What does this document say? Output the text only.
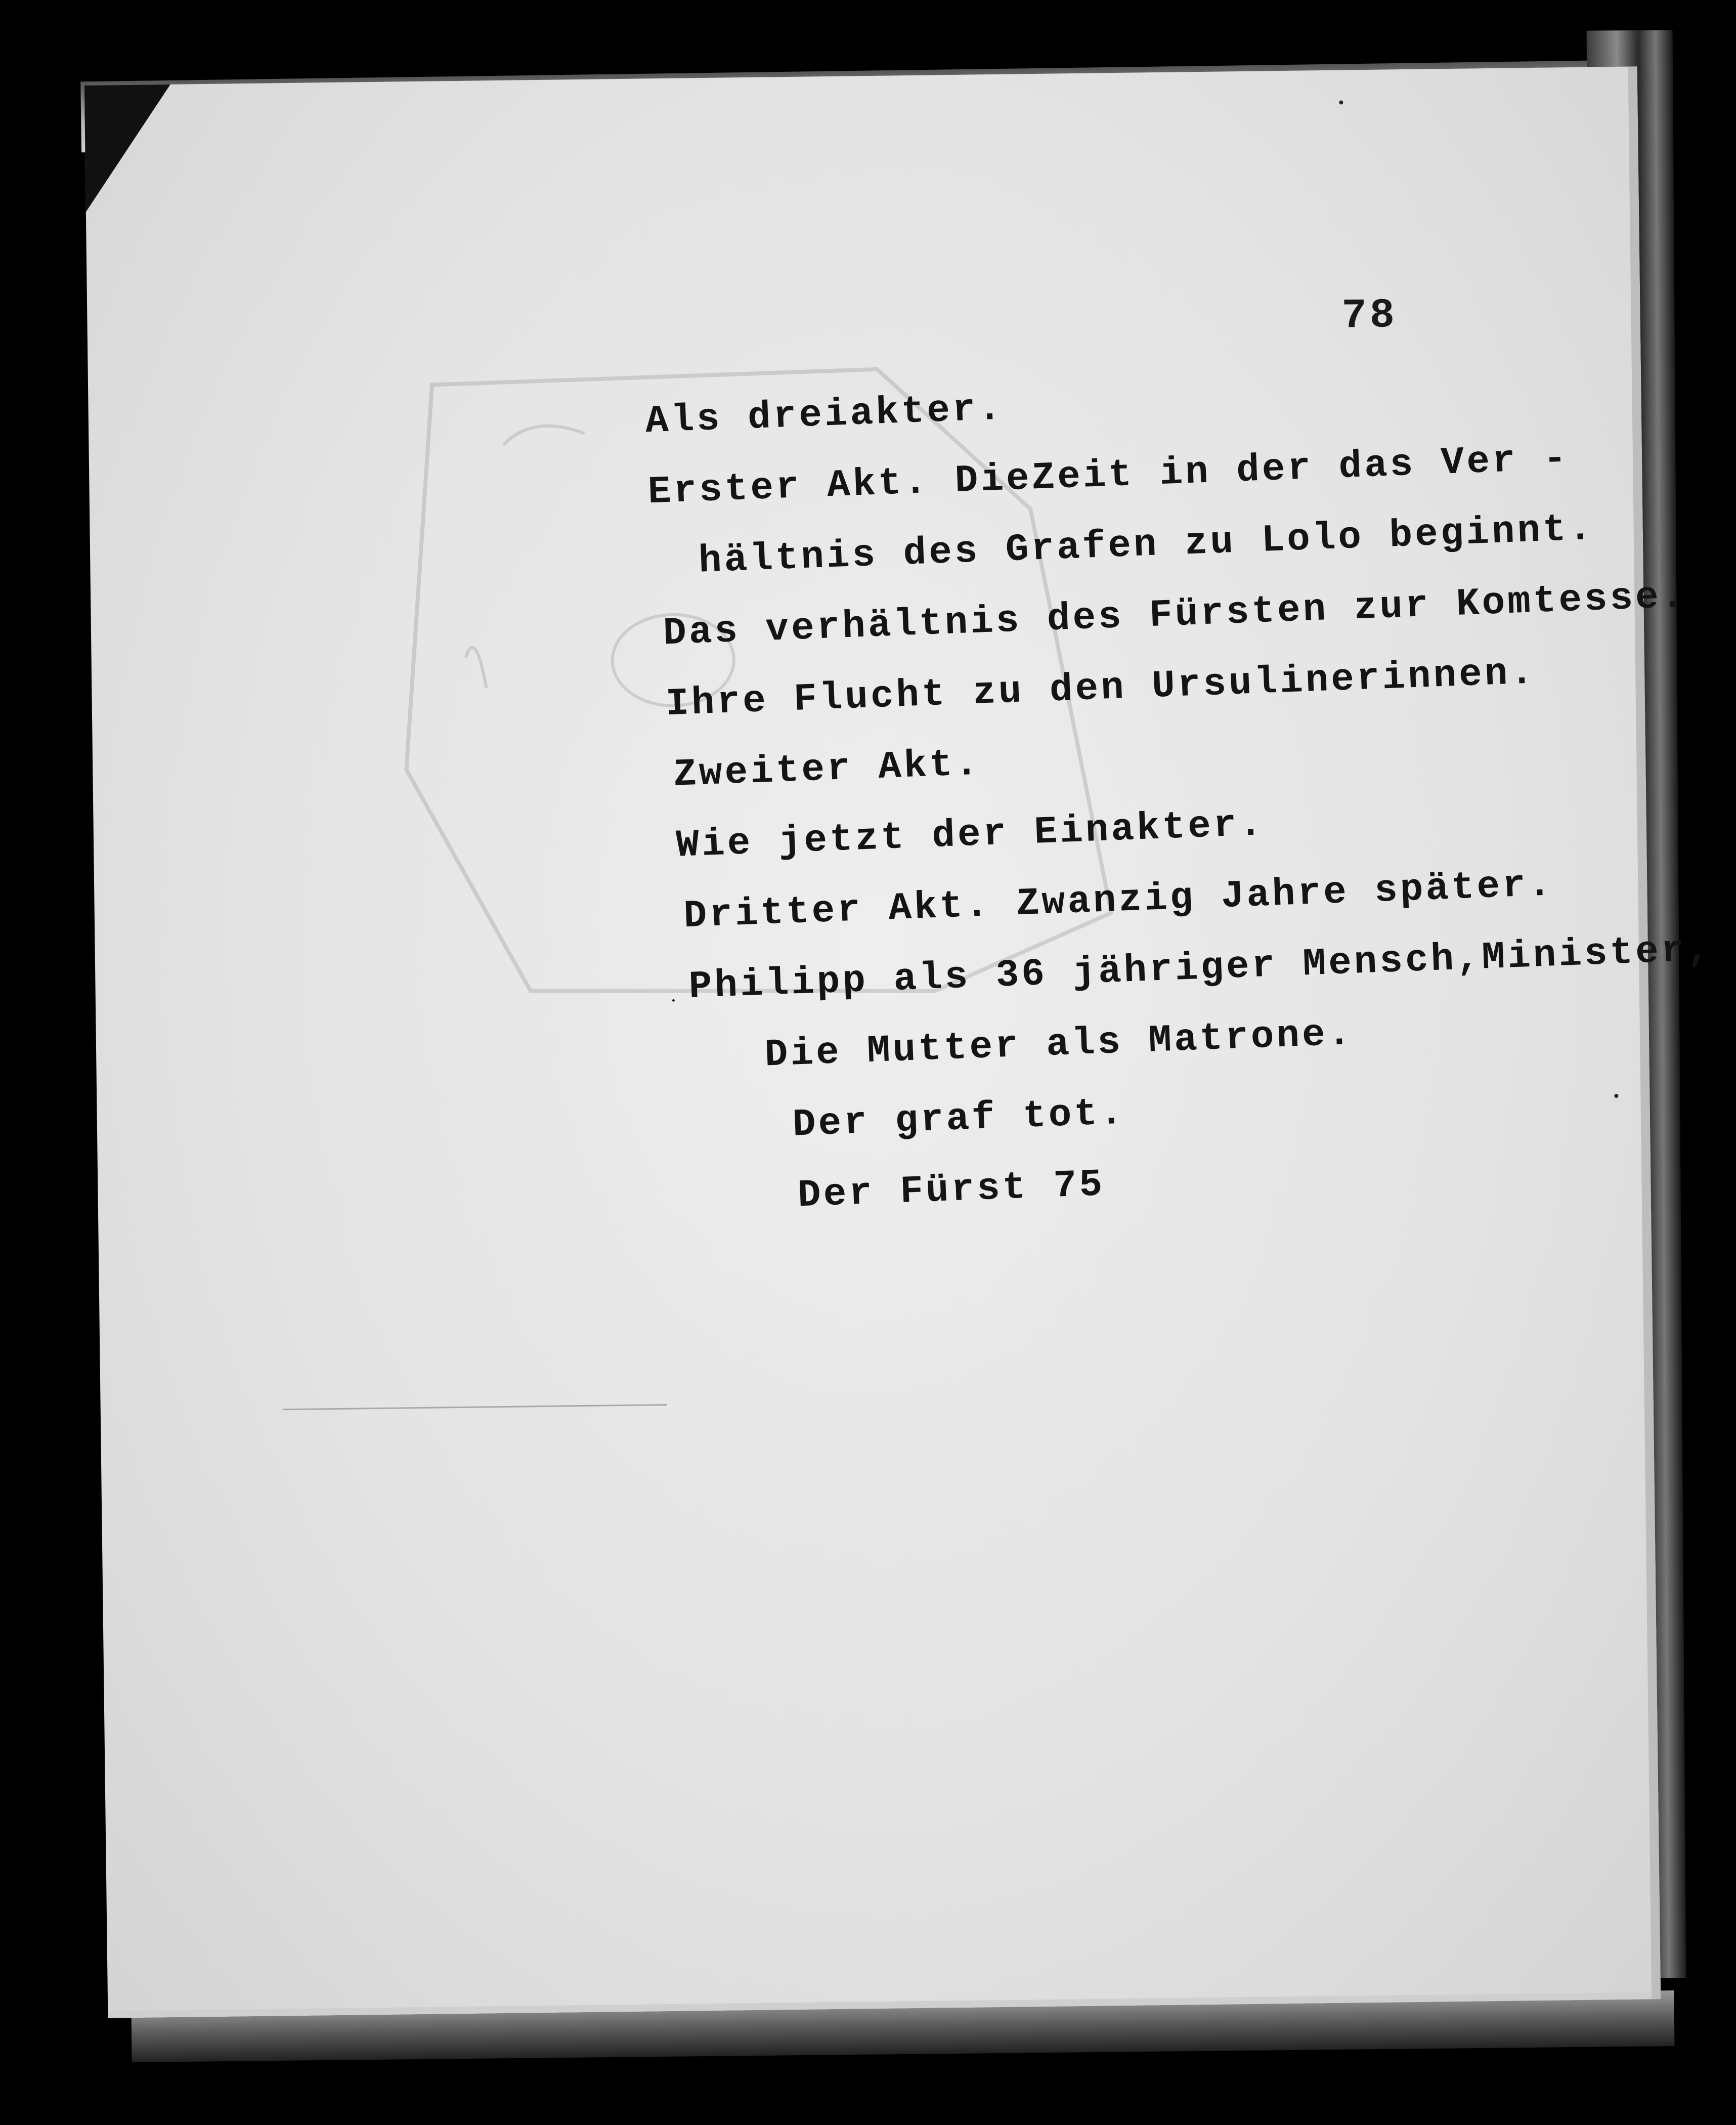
78
Als dreiakter.
Erster Akt. DieZeit in der das Ver -
hältnis des Grafen zu Lolo beginnt.
Das verhältnis des Fürsten zur Komtesse.
Ihre Flucht zu den Ursulinerinnen.
Zweiter Akt.
Wie jetzt der Einakter.
Dritter Akt. Zwanzig Jahre später.
Philipp als 36 jähriger Mensch,Minister,
Die Mutter als Matrone.
Der graf tot.
Der Fürst 75
